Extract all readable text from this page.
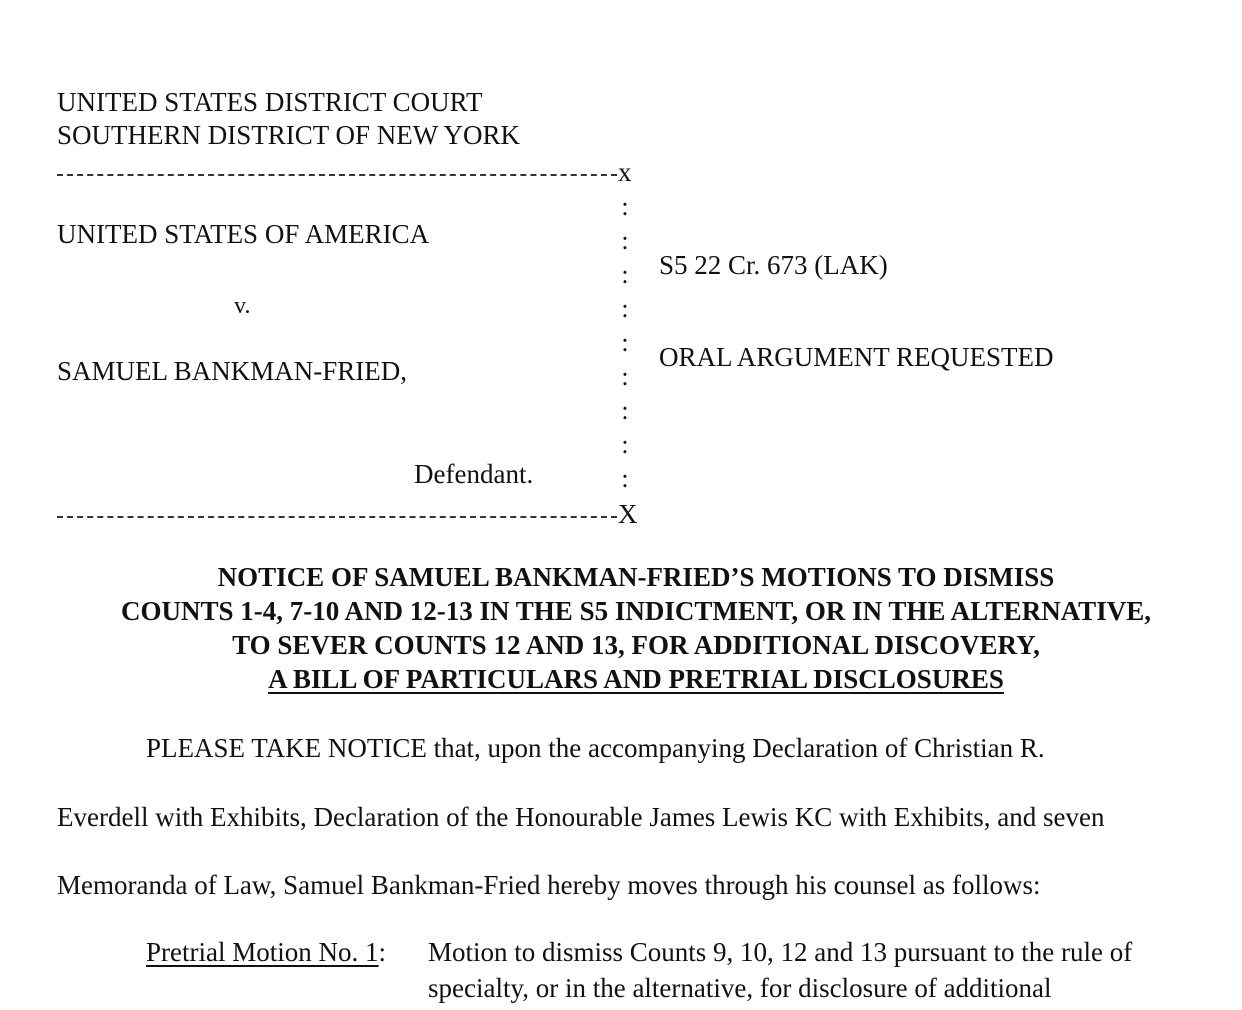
UNITED STATES DISTRICT COURT
SOUTHERN DISTRICT OF NEW YORK
x
UNITED STATES OF AMERICA
v.
SAMUEL BANKMAN-FRIED,
Defendant.
:
:
:
:
:
:
:
:
:
S5 22 Cr. 673 (LAK)
ORAL ARGUMENT REQUESTED
X
NOTICE OF SAMUEL BANKMAN-FRIED’S MOTIONS TO DISMISS
COUNTS 1-4, 7-10 AND 12-13 IN THE S5 INDICTMENT, OR IN THE ALTERNATIVE,
TO SEVER COUNTS 12 AND 13, FOR ADDITIONAL DISCOVERY,
A BILL OF PARTICULARS AND PRETRIAL DISCLOSURES
PLEASE TAKE NOTICE that, upon the accompanying Declaration of Christian R.
Everdell with Exhibits, Declaration of the Honourable James Lewis KC with Exhibits, and seven
Memoranda of Law, Samuel Bankman-Fried hereby moves through his counsel as follows:
Pretrial Motion No. 1: Motion to dismiss Counts 9, 10, 12 and 13 pursuant to the rule of
specialty, or in the alternative, for disclosure of additional
